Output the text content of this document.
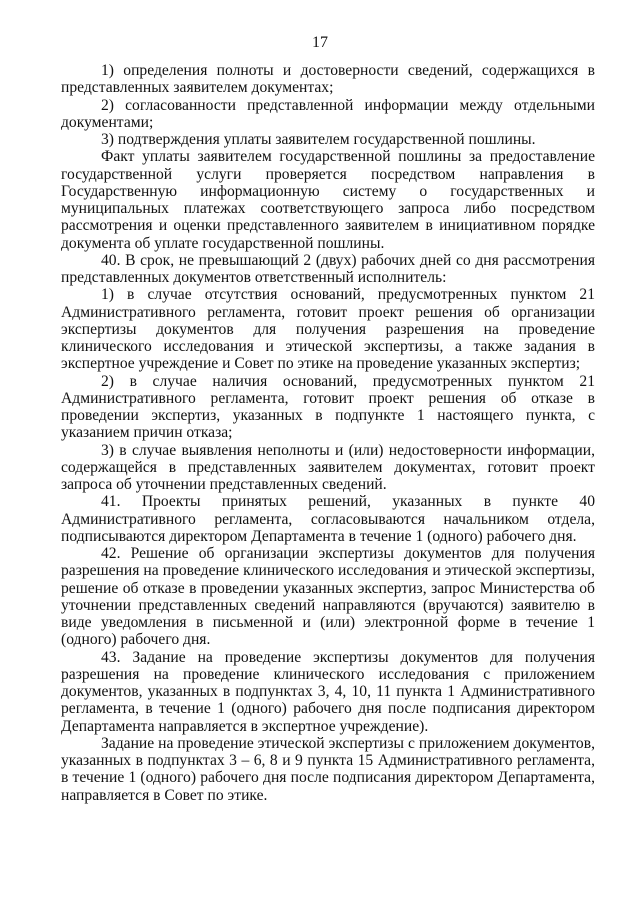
17

1) определения полноты и достоверности сведений, содержащихся в представленных заявителем документах;

2) согласованности представленной информации между отдельными документами;

3) подтверждения уплаты заявителем государственной пошлины.

Факт уплаты заявителем государственной пошлины за предоставление государственной услуги проверяется посредством направления в Государственную информационную систему о государственных и муниципальных платежах соответствующего запроса либо посредством рассмотрения и оценки представленного заявителем в инициативном порядке документа об уплате государственной пошлины.

40. В срок, не превышающий 2 (двух) рабочих дней со дня рассмотрения представленных документов ответственный исполнитель:

1) в случае отсутствия оснований, предусмотренных пунктом 21 Административного регламента, готовит проект решения об организации экспертизы документов для получения разрешения на проведение клинического исследования и этической экспертизы, а также задания в экспертное учреждение и Совет по этике на проведение указанных экспертиз;

2) в случае наличия оснований, предусмотренных пунктом 21 Административного регламента, готовит проект решения об отказе в проведении экспертиз, указанных в подпункте 1 настоящего пункта, с указанием причин отказа;

3) в случае выявления неполноты и (или) недостоверности информации, содержащейся в представленных заявителем документах, готовит проект запроса об уточнении представленных сведений.

41. Проекты принятых решений, указанных в пункте 40 Административного регламента, согласовываются начальником отдела, подписываются директором Департамента в течение 1 (одного) рабочего дня.

42. Решение об организации экспертизы документов для получения разрешения на проведение клинического исследования и этической экспертизы, решение об отказе в проведении указанных экспертиз, запрос Министерства об уточнении представленных сведений направляются (вручаются) заявителю в виде уведомления в письменной и (или) электронной форме в течение 1 (одного) рабочего дня.

43. Задание на проведение экспертизы документов для получения разрешения на проведение клинического исследования с приложением документов, указанных в подпунктах 3, 4, 10, 11 пункта 1 Административного регламента, в течение 1 (одного) рабочего дня после подписания директором Департамента направляется в экспертное учреждение).

Задание на проведение этической экспертизы с приложением документов, указанных в подпунктах 3 – 6, 8 и 9 пункта 15 Административного регламента, в течение 1 (одного) рабочего дня после подписания директором Департамента, направляется в Совет по этике.
